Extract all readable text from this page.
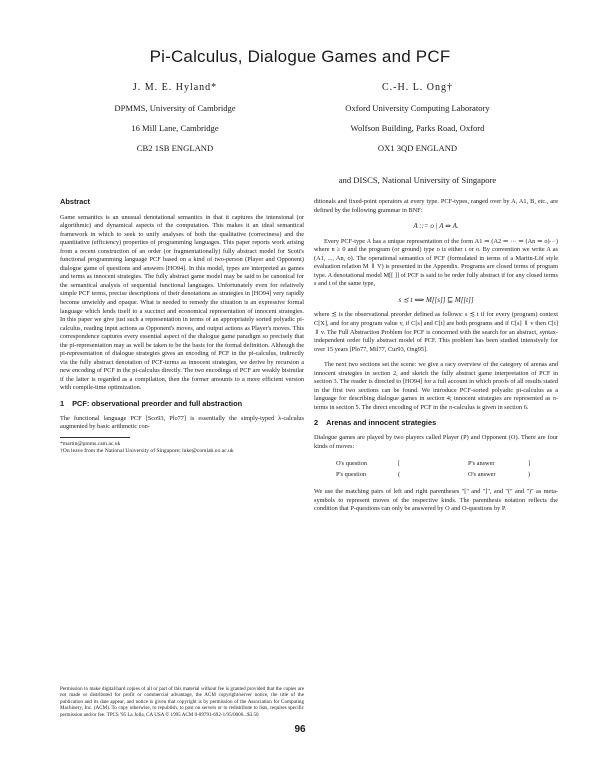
Pi-Calculus, Dialogue Games and PCF
J. M. E. Hyland*
DPMMS, University of Cambridge
16 Mill Lane, Cambridge
CB2 1SB ENGLAND
C.-H. L. Ong†
Oxford University Computing Laboratory
Wolfson Building, Parks Road, Oxford
OX1 3QD ENGLAND
and DISCS, National University of Singapore
Abstract

Game semantics is an unusual denotational semantics in that it captures the intensional (or algorithmic) and dynamical aspects of the computation. This makes it an ideal semantical framework in which to seek to unify analyses of both the qualitative (correctness) and the quantitative (efficiency) properties of programming languages. This paper reports work arising from a recent construction of an order (or fragmentationally) fully abstract model for Scott's functional programming language PCF based on a kind of two-person (Player and Opponent) dialogue game of questions and answers [HO94]. In this model, types are interpreted as games and terms as innocent strategies. The fully abstract game model may be said to be canonical for the semantical analysis of sequential functional languages. Unfortunately even for relatively simple PCF terms, precise descriptions of their denotations as strategies in [HO94] very rapidly become unwieldy and opaque. What is needed to remedy the situation is an expressive formal language which lends itself to a succinct and economical representation of innocent strategies. In this paper we give just such a representation in terms of an appropriately sorted polyadic pi-calculus, reading input actions as Opponent's moves, and output actions as Player's moves. This correspondence captures every essential aspect of the dialogue game paradigm so precisely that the pi-representation may as well be taken to be the basis for the formal definition. Although the pi-representation of dialogue strategies gives an encoding of PCF in the pi-calculus, indirectly via the fully abstract denotation of PCF-terms as innocent strategies, we derive by recursion a new encoding of PCF in the pi-calculus directly. The two encodings of PCF are weakly bisimilar if the latter is regarded as a compilation, then the former amounts to a more efficient version with compile-time optimization.

1 PCF: observational preorder and full abstraction

The functional language PCF [Sco93, Plo77] is essentially the simply-typed λ-calculus augmented by basic arithmetic con-

*martin@pmms.cam.ac.uk

†On leave from the National University of Singapore; luke@comlab.ox.ac.uk

Permission to make digital/hard copies of all or part of this material without fee is granted provided that the copies are not made or distributed for profit or commercial advantage, the ACM copyright/server notice, the title of the publication and its date appear, and notice is given that copyright is by permission of the Association for Computing Machinery, Inc. (ACM). To copy otherwise, to republish, to post on servers or to redistribute to lists, requires specific permission and/or fee. TPCS '95 La Jolla, CA USA © 1995 ACM 0-89791-692-1/95/0006...$3.50

ditionals and fixed-point operators at every type. PCF-types, ranged over by A, A1, B, etc., are defined by the following grammar in BNF:

A ::= o | A ⇒ A.

Every PCF-type A has a unique representation of the form A1 ⇒ (A2 ⇒ ··· ⇒ (An ⇒ o)···) where n ≥ 0 and the program (or ground) type o is either ι or o. By convention we write A as (A1, ..., An, o). The operational semantics of PCF (formulated in terms of a Martin-Löf style evaluation relation M ⇓ V) is presented in the Appendix. Programs are closed terms of program type. A denotational model M[[ ]] of PCF is said to be order fully abstract if for any closed terms s and t of the same type,

s ≾ t ⟺ M[[s]] ⊑ M[[t]]

where ≾ is the observational preorder defined as follows: s ≾ t if for every (program) context C[X], and for any program value v, if C[s] and C[t] are both programs and if C[s] ⇓ v then C[t] ⇓ v. The Full Abstraction Problem for PCF is concerned with the search for an abstract, syntax-independent order fully abstract model of PCF. This problem has been studied intensively for over 15 years [Plo77, Mil77, Cur93, Ong95].

The next two sections set the scene: we give a racy overview of the category of arenas and innocent strategies in section 2, and sketch the fully abstract game interpretation of PCF in section 3. The reader is directed to [HO94] for a full account in which proofs of all results stated in the first two sections can be found. We introduce PCF-sorted polyadic pi-calculus as a language for describing dialogue games in section 4; innocent strategies are represented as π-terms in section 5. The direct encoding of PCF in the π-calculus is given in section 6.

2 Arenas and innocent strategies

Dialogue games are played by two players called Player (P) and Opponent (O). There are four kinds of moves:

O's question	[	P's answer	]
P's question	(	O's answer	)

We use the matching pairs of left and right parentheses "[" and "]", and "(" and ")" as meta-symbols to represent moves of the respective kinds. The parenthesis notation reflects the condition that P-questions can only be answered by O and O-questions by P.

96
